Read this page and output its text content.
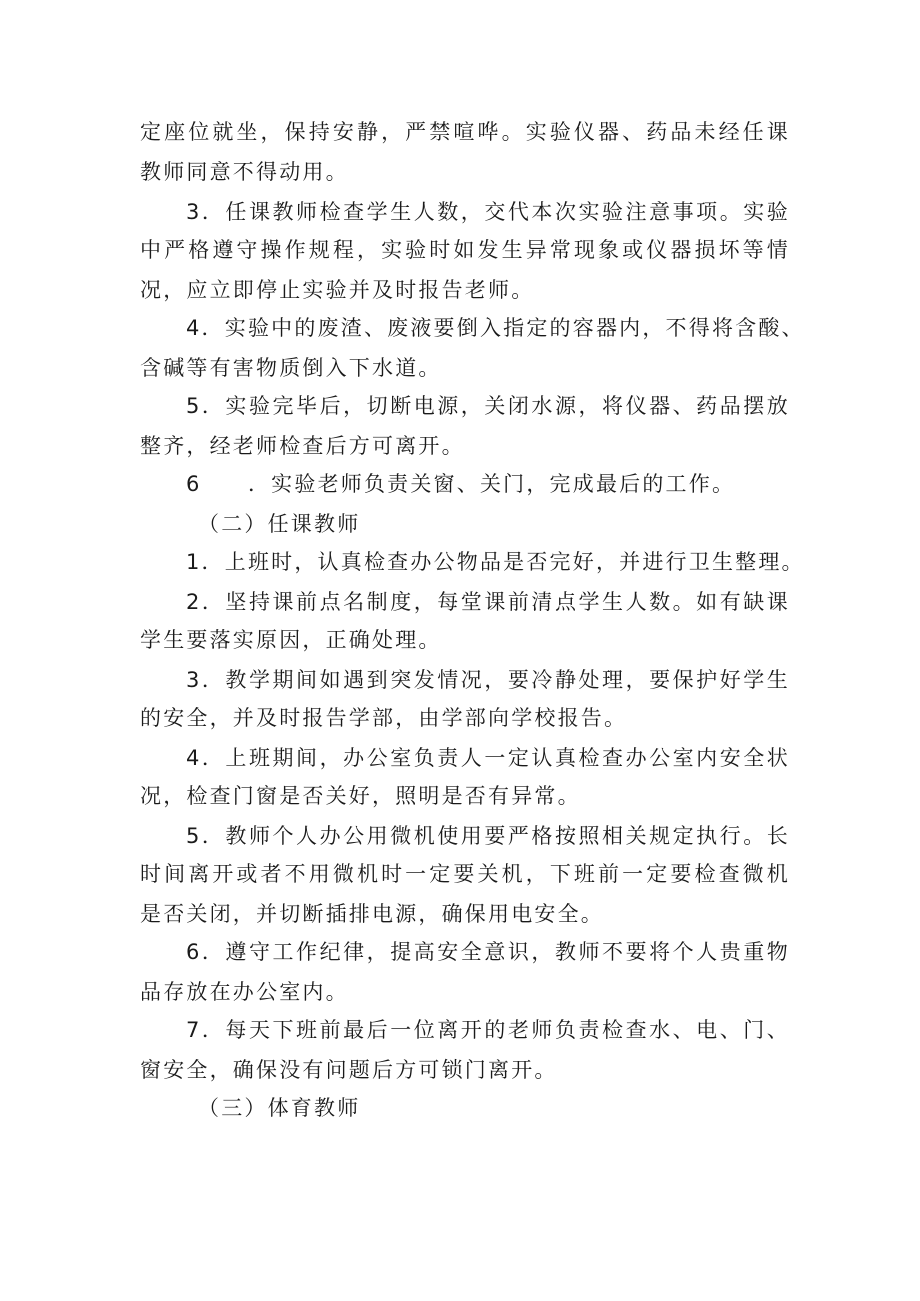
定座位就坐，保持安静，严禁喧哗。实验仪器、药品未经任课
教师同意不得动用。
3．任课教师检查学生人数，交代本次实验注意事项。实验
中严格遵守操作规程，实验时如发生异常现象或仪器损坏等情
况，应立即停止实验并及时报告老师。
4．实验中的废渣、废液要倒入指定的容器内，不得将含酸、
含碱等有害物质倒入下水道。
5．实验完毕后，切断电源，关闭水源，将仪器、药品摆放
整齐，经老师检查后方可离开。
6　　．实验老师负责关窗、关门，完成最后的工作。
（二）任课教师
1．上班时，认真检查办公物品是否完好，并进行卫生整理。
2．坚持课前点名制度，每堂课前清点学生人数。如有缺课
学生要落实原因，正确处理。
3．教学期间如遇到突发情况，要冷静处理，要保护好学生
的安全，并及时报告学部，由学部向学校报告。
4．上班期间，办公室负责人一定认真检查办公室内安全状
况，检查门窗是否关好，照明是否有异常。
5．教师个人办公用微机使用要严格按照相关规定执行。长
时间离开或者不用微机时一定要关机，下班前一定要检查微机
是否关闭，并切断插排电源，确保用电安全。
6．遵守工作纪律，提高安全意识，教师不要将个人贵重物
品存放在办公室内。
7．每天下班前最后一位离开的老师负责检查水、电、门、
窗安全，确保没有问题后方可锁门离开。
（三）体育教师
